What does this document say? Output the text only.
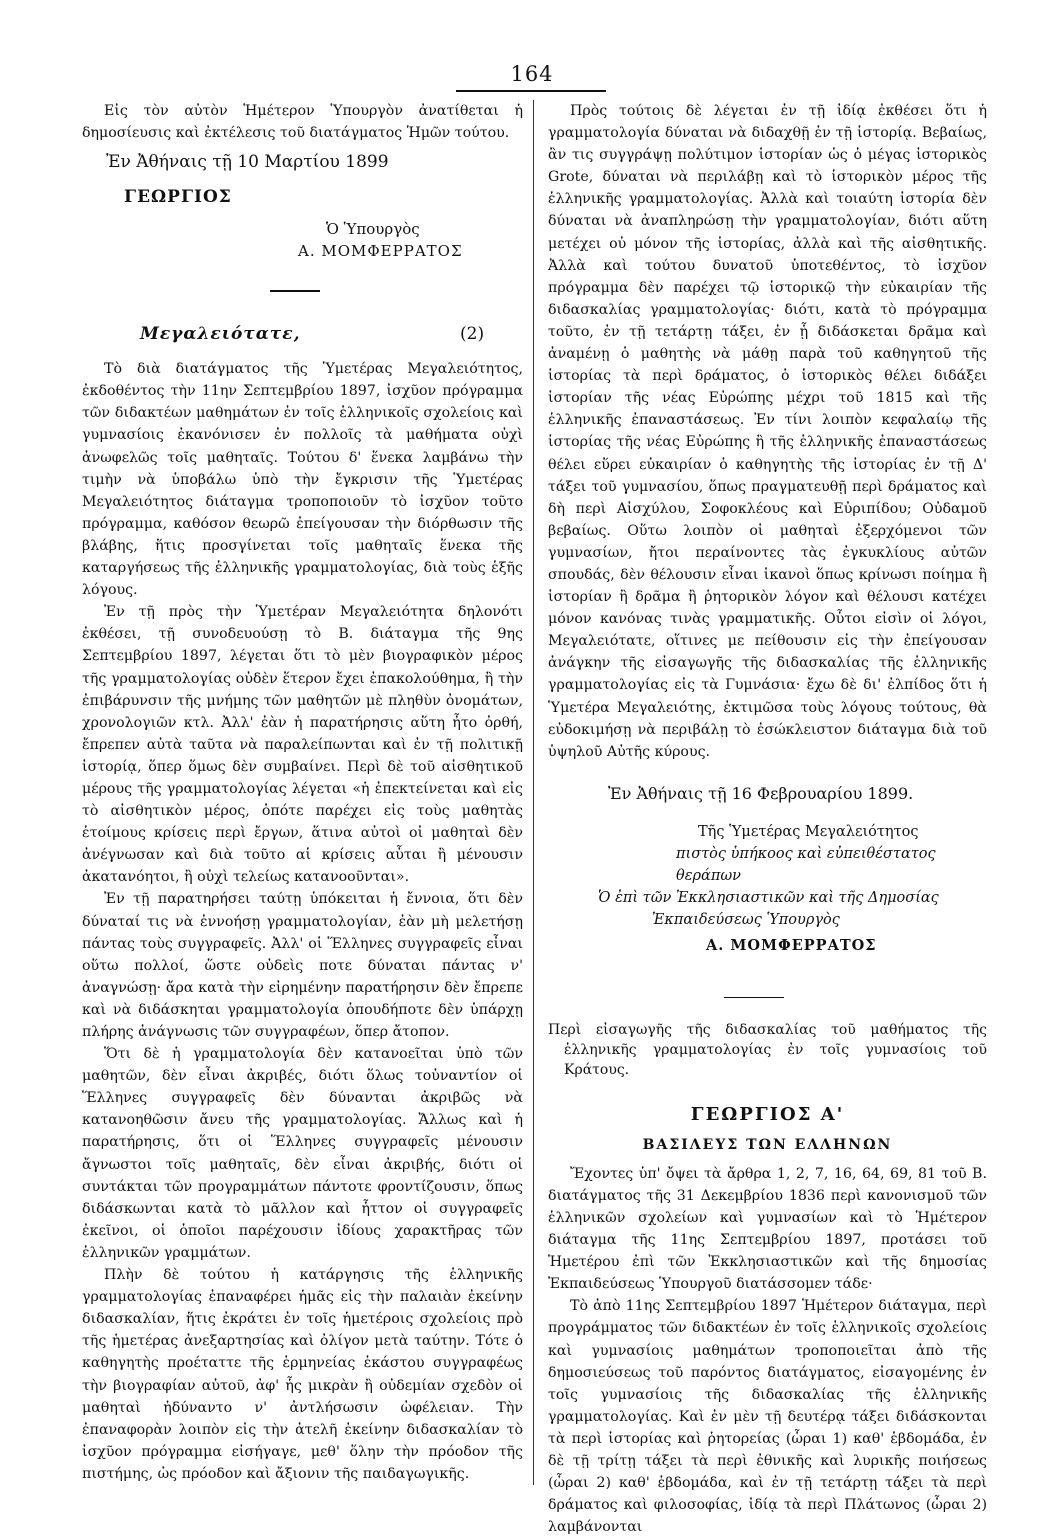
164

Εἰς τὸν αὐτὸν Ἡμέτερον Ὑπουργὸν ἀνατίθεται ἡ δημοσίευσις καὶ ἐκτέλεσις τοῦ διατάγματος Ἡμῶν τούτου.

Ἐν Ἀθήναις τῇ 10 Μαρτίου 1899

ΓΕΩΡΓΙΟΣ

Ὁ Ὑπουργὸς

Α. ΜΟΜΦΕΡΡΑΤΟΣ

Μεγαλειότατε,	(2)

Τὸ διὰ διατάγματος τῆς Ὑμετέρας Μεγαλειότητος, ἐκδοθέντος τὴν 11ην Σεπτεμβρίου 1897, ἰσχῦον πρόγραμμα τῶν διδακτέων μαθημάτων ἐν τοῖς ἑλληνικοῖς σχολείοις καὶ γυμνασίοις ἐκανόνισεν ἐν πολλοῖς τὰ μαθήματα οὐχὶ ἀνωφελῶς τοῖς μαθηταῖς. Τούτου δ' ἕνεκα λαμβάνω τὴν τιμὴν νὰ ὑποβάλω ὑπὸ τὴν ἔγκρισιν τῆς Ὑμετέρας Μεγαλειότητος διάταγμα τροποποιοῦν τὸ ἰσχῦον τοῦτο πρόγραμμα, καθόσον θεωρῶ ἐπείγουσαν τὴν διόρθωσιν τῆς βλάβης, ἥτις προσγίνεται τοῖς μαθηταῖς ἕνεκα τῆς καταργήσεως τῆς ἑλληνικῆς γραμματολογίας, διὰ τοὺς ἑξῆς λόγους.

Ἐν τῇ πρὸς τὴν Ὑμετέραν Μεγαλειότητα δηλονότι ἐκθέσει, τῇ συνοδευούσῃ τὸ Β. διάταγμα τῆς 9ης Σεπτεμβρίου 1897, λέγεται ὅτι τὸ μὲν βιογραφικὸν μέρος τῆς γραμματολογίας οὐδὲν ἕτερον ἔχει ἐπακολούθημα, ἢ τὴν ἐπιβάρυνσιν τῆς μνήμης τῶν μαθητῶν μὲ πληθὺν ὀνομάτων, χρονολογιῶν κτλ. Ἀλλ' ἐὰν ἡ παρατήρησις αὕτη ἦτο ὀρθή, ἔπρεπεν αὐτὰ ταῦτα νὰ παραλείπωνται καὶ ἐν τῇ πολιτικῇ ἱστορίᾳ, ὅπερ ὅμως δὲν συμβαίνει. Περὶ δὲ τοῦ αἰσθητικοῦ μέρους τῆς γραμματολογίας λέγεται «ἡ ἐπεκτείνεται καὶ εἰς τὸ αἰσθητικὸν μέρος, ὁπότε παρέχει εἰς τοὺς μαθητὰς ἑτοίμους κρίσεις περὶ ἔργων, ἅτινα αὐτοὶ οἱ μαθηταὶ δὲν ἀνέγνωσαν καὶ διὰ τοῦτο αἱ κρίσεις αὗται ἢ μένουσιν ἀκατανόητοι, ἢ οὐχὶ τελείως κατανοοῦνται».

Ἐν τῇ παρατηρήσει ταύτῃ ὑπόκειται ἡ ἔννοια, ὅτι δὲν δύναταί τις νὰ ἐννοήσῃ γραμματολογίαν, ἐὰν μὴ μελετήσῃ πάντας τοὺς συγγραφεῖς. Ἀλλ' οἱ Ἕλληνες συγγραφεῖς εἶναι οὕτω πολλοί, ὥστε οὐδεὶς ποτε δύναται πάντας ν' ἀναγνώσῃ· ἄρα κατὰ τὴν εἰρημένην παρατήρησιν δὲν ἔπρεπε καὶ νὰ διδάσκηται γραμματολογία ὁπουδήποτε δὲν ὑπάρχῃ πλήρης ἀνάγνωσις τῶν συγγραφέων, ὅπερ ἄτοπον.

Ὅτι δὲ ἡ γραμματολογία δὲν κατανοεῖται ὑπὸ τῶν μαθητῶν, δὲν εἶναι ἀκριβές, διότι ὅλως τοὐναντίον οἱ Ἕλληνες συγγραφεῖς δὲν δύνανται ἀκριβῶς νὰ κατανοηθῶσιν ἄνευ τῆς γραμματολογίας. Ἄλλως καὶ ἡ παρατήρησις, ὅτι οἱ Ἕλληνες συγγραφεῖς μένουσιν ἄγνωστοι τοῖς μαθηταῖς, δὲν εἶναι ἀκριβής, διότι οἱ συντάκται τῶν προγραμμάτων πάντοτε φροντίζουσιν, ὅπως διδάσκωνται κατὰ τὸ μᾶλλον καὶ ἧττον οἱ συγγραφεῖς ἐκεῖνοι, οἱ ὁποῖοι παρέχουσιν ἰδίους χαρακτῆρας τῶν ἑλληνικῶν γραμμάτων.

Πλὴν δὲ τούτου ἡ κατάργησις τῆς ἑλληνικῆς γραμματολογίας ἐπαναφέρει ἡμᾶς εἰς τὴν παλαιὰν ἐκείνην διδασκαλίαν, ἥτις ἐκράτει ἐν τοῖς ἡμετέροις σχολείοις πρὸ τῆς ἡμετέρας ἀνεξαρτησίας καὶ ὀλίγον μετὰ ταύτην. Τότε ὁ καθηγητὴς προέταττε τῆς ἑρμηνείας ἑκάστου συγγραφέως τὴν βιογραφίαν αὐτοῦ, ἀφ' ἧς μικρὰν ἢ οὐδεμίαν σχεδὸν οἱ μαθηταὶ ἠδύναντο ν' ἀντλήσωσιν ὠφέλειαν. Τὴν ἐπαναφορὰν λοιπὸν εἰς τὴν ἀτελῆ ἐκείνην διδασκαλίαν τὸ ἰσχῦον πρόγραμμα εἰσήγαγε, μεθ' ὅλην τὴν πρόοδον τῆς πιστήμης, ὡς πρόοδον καὶ ἄξιονιν τῆς παιδαγωγικῆς.

Πρὸς τούτοις δὲ λέγεται ἐν τῇ ἰδίᾳ ἐκθέσει ὅτι ἡ γραμματολογία δύναται νὰ διδαχθῇ ἐν τῇ ἱστορίᾳ. Βεβαίως, ἂν τις συγγράψῃ πολύτιμον ἱστορίαν ὡς ὁ μέγας ἱστορικὸς Grote, δύναται νὰ περιλάβῃ καὶ τὸ ἱστορικὸν μέρος τῆς ἑλληνικῆς γραμματολογίας. Ἀλλὰ καὶ τοιαύτη ἱστορία δὲν δύναται νὰ ἀναπληρώσῃ τὴν γραμματολογίαν, διότι αὕτη μετέχει οὐ μόνον τῆς ἱστορίας, ἀλλὰ καὶ τῆς αἰσθητικῆς. Ἀλλὰ καὶ τούτου δυνατοῦ ὑποτεθέντος, τὸ ἰσχῦον πρόγραμμα δὲν παρέχει τῷ ἱστορικῷ τὴν εὐκαιρίαν τῆς διδασκαλίας γραμματολογίας· διότι, κατὰ τὸ πρόγραμμα τοῦτο, ἐν τῇ τετάρτῃ τάξει, ἐν ᾗ διδάσκεται δρᾶμα καὶ ἀναμένῃ ὁ μαθητὴς νὰ μάθῃ παρὰ τοῦ καθηγητοῦ τῆς ἱστορίας τὰ περὶ δράματος, ὁ ἱστορικὸς θέλει διδάξει ἱστορίαν τῆς νέας Εὐρώπης μέχρι τοῦ 1815 καὶ τῆς ἑλληνικῆς ἐπαναστάσεως. Ἐν τίνι λοιπὸν κεφαλαίῳ τῆς ἱστορίας τῆς νέας Εὐρώπης ἢ τῆς ἑλληνικῆς ἐπαναστάσεως θέλει εὕρει εὐκαιρίαν ὁ καθηγητὴς τῆς ἱστορίας ἐν τῇ Δ' τάξει τοῦ γυμνασίου, ὅπως πραγματευθῇ περὶ δράματος καὶ δὴ περὶ Αἰσχύλου, Σοφοκλέους καὶ Εὐριπίδου; Οὐδαμοῦ βεβαίως. Οὕτω λοιπὸν οἱ μαθηταὶ ἐξερχόμενοι τῶν γυμνασίων, ἤτοι περαίνοντες τὰς ἐγκυκλίους αὐτῶν σπουδάς, δὲν θέλουσιν εἶναι ἱκανοὶ ὅπως κρίνωσι ποίημα ἢ ἱστορίαν ἢ δρᾶμα ἢ ῥητορικὸν λόγον καὶ θέλουσι κατέχει μόνον κανόνας τινὰς γραμματικῆς. Οὗτοι εἰσὶν οἱ λόγοι, Μεγαλειότατε, οἵτινες με πείθουσιν εἰς τὴν ἐπείγουσαν ἀνάγκην τῆς εἰσαγωγῆς τῆς διδασκαλίας τῆς ἑλληνικῆς γραμματολογίας εἰς τὰ Γυμνάσια· ἔχω δὲ δι' ἐλπίδος ὅτι ἡ Ὑμετέρα Μεγαλειότης, ἐκτιμῶσα τοὺς λόγους τούτους, θὰ εὐδοκιμήσῃ νὰ περιβάλῃ τὸ ἐσώκλειστον διάταγμα διὰ τοῦ ὑψηλοῦ Αὐτῆς κύρους.

Ἐν Ἀθήναις τῇ 16 Φεβρουαρίου 1899.

Τῆς Ὑμετέρας Μεγαλειότητος

πιστὸς ὑπήκοος καὶ εὐπειθέστατος θεράπων

Ὁ ἐπὶ τῶν Ἐκκλησιαστικῶν καὶ τῆς Δημοσίας

Ἐκπαιδεύσεως Ὑπουργὸς

Α. ΜΟΜΦΕΡΡΑΤΟΣ

Περὶ εἰσαγωγῆς τῆς διδασκαλίας τοῦ μαθήματος τῆς ἑλληνικῆς γραμματολογίας ἐν τοῖς γυμνασίοις τοῦ Κράτους.

ΓΕΩΡΓΙΟΣ Α'

ΒΑΣΙΛΕΥΣ ΤΩΝ ΕΛΛΗΝΩΝ

Ἔχοντες ὑπ' ὄψει τὰ ἄρθρα 1, 2, 7, 16, 64, 69, 81 τοῦ Β. διατάγματος τῆς 31 Δεκεμβρίου 1836 περὶ κανονισμοῦ τῶν ἑλληνικῶν σχολείων καὶ γυμνασίων καὶ τὸ Ἡμέτερον διάταγμα τῆς 11ης Σεπτεμβρίου 1897, προτάσει τοῦ Ἡμετέρου ἐπὶ τῶν Ἐκκλησιαστικῶν καὶ τῆς δημοσίας Ἐκπαιδεύσεως Ὑπουργοῦ διατάσσομεν τάδε·

Τὸ ἀπὸ 11ης Σεπτεμβρίου 1897 Ἡμέτερον διάταγμα, περὶ προγράμματος τῶν διδακτέων ἐν τοῖς ἑλληνικοῖς σχολείοις καὶ γυμνασίοις μαθημάτων τροποποιεῖται ἀπὸ τῆς δημοσιεύσεως τοῦ παρόντος διατάγματος, εἰσαγομένης ἐν τοῖς γυμνασίοις τῆς διδασκαλίας τῆς ἑλληνικῆς γραμματολογίας. Καὶ ἐν μὲν τῇ δευτέρᾳ τάξει διδάσκονται τὰ περὶ ἱστορίας καὶ ῥητορείας (ὧραι 1) καθ' ἑβδομάδα, ἐν δὲ τῇ τρίτῃ τάξει τὰ περὶ ἐθνικῆς καὶ λυρικῆς ποιήσεως (ὧραι 2) καθ' ἑβδομάδα, καὶ ἐν τῇ τετάρτῃ τάξει τὰ περὶ δράματος καὶ φιλοσοφίας, ἰδίᾳ τὰ περὶ Πλάτωνος (ὧραι 2) λαμβάνονται
